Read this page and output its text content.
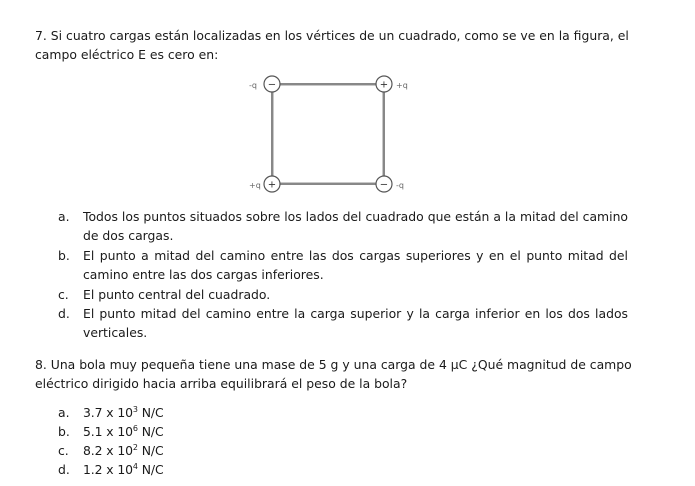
7. Si cuatro cargas están localizadas en los vértices de un cuadrado, como se ve en la figura, el campo eléctrico E es cero en:
-q −	+ +q
+q +	− -q
a.	Todos los puntos situados sobre los lados del cuadrado que están a la mitad del camino de dos cargas.
b.	El punto a mitad del camino entre las dos cargas superiores y en el punto mitad del camino entre las dos cargas inferiores.
c.	El punto central del cuadrado.
d.	El punto mitad del camino entre la carga superior y la carga inferior en los dos lados verticales.
8. Una bola muy pequeña tiene una mase de 5 g y una carga de 4 μC ¿Qué magnitud de campo eléctrico dirigido hacia arriba equilibrará el peso de la bola?
a.	3.7 x $10^3$ N/C
b.	5.1 x $10^6$ N/C
c.	8.2 x $10^2$ N/C
d.	1.2 x $10^4$ N/C
